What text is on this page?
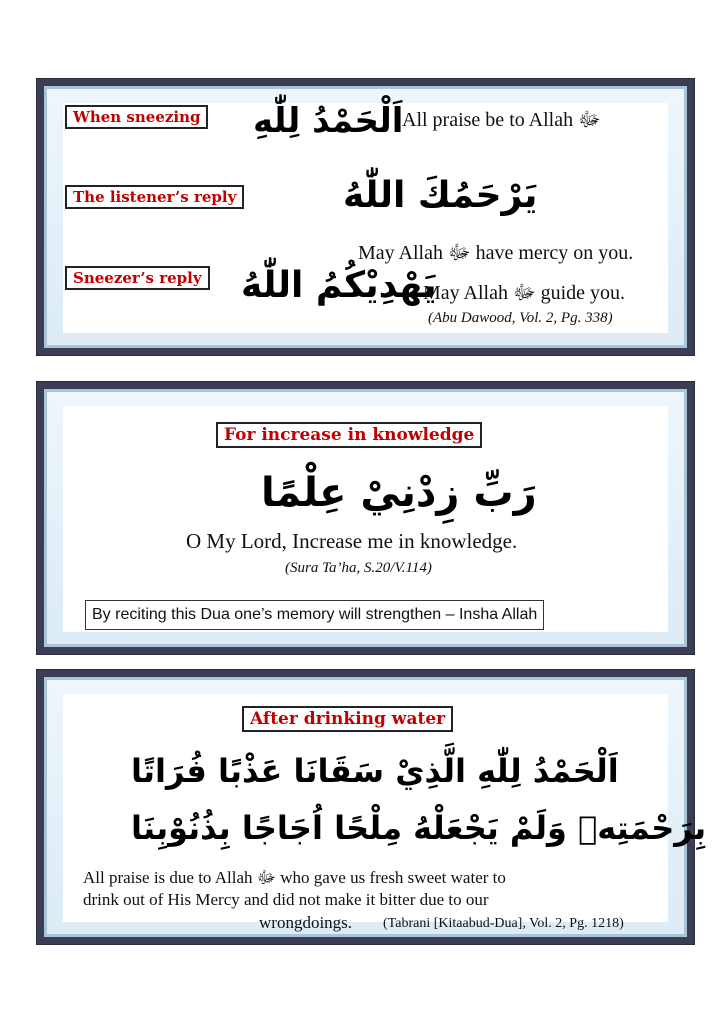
When sneezing اَلْحَمْدُ لِلّٰهِ
All praise be to Allah ﷻ
The listener’s reply	يَرْحَمُكَ اللّٰهُ
May Allah ﷻ have mercy on you.
Sneezer’s reply يَهْدِيْكُمُ اللّٰهُ
May Allah ﷻ guide you.
(Abu Dawood, Vol. 2, Pg. 338)
For increase in knowledge
رَبِّ زِدْنِيْ عِلْمًا
O My Lord, Increase me in knowledge.
(Sura Ta’ha, S.20/V.114)
By reciting this Dua one’s memory will strengthen – Insha Allah
After drinking water
اَلْحَمْدُ لِلّٰهِ الَّذِيْ سَقَانَا عَذْبًا فُرَاتًا
بِرَحْمَتِهٖ وَلَمْ يَجْعَلْهُ مِلْحًا اُجَاجًا بِذُنُوْبِنَا
All praise is due to Allah ﷻ who gave us fresh sweet water to
drink out of His Mercy and did not make it bitter due to our
wrongdoings. (Tabrani [Kitaabud-Dua], Vol. 2, Pg. 1218)
